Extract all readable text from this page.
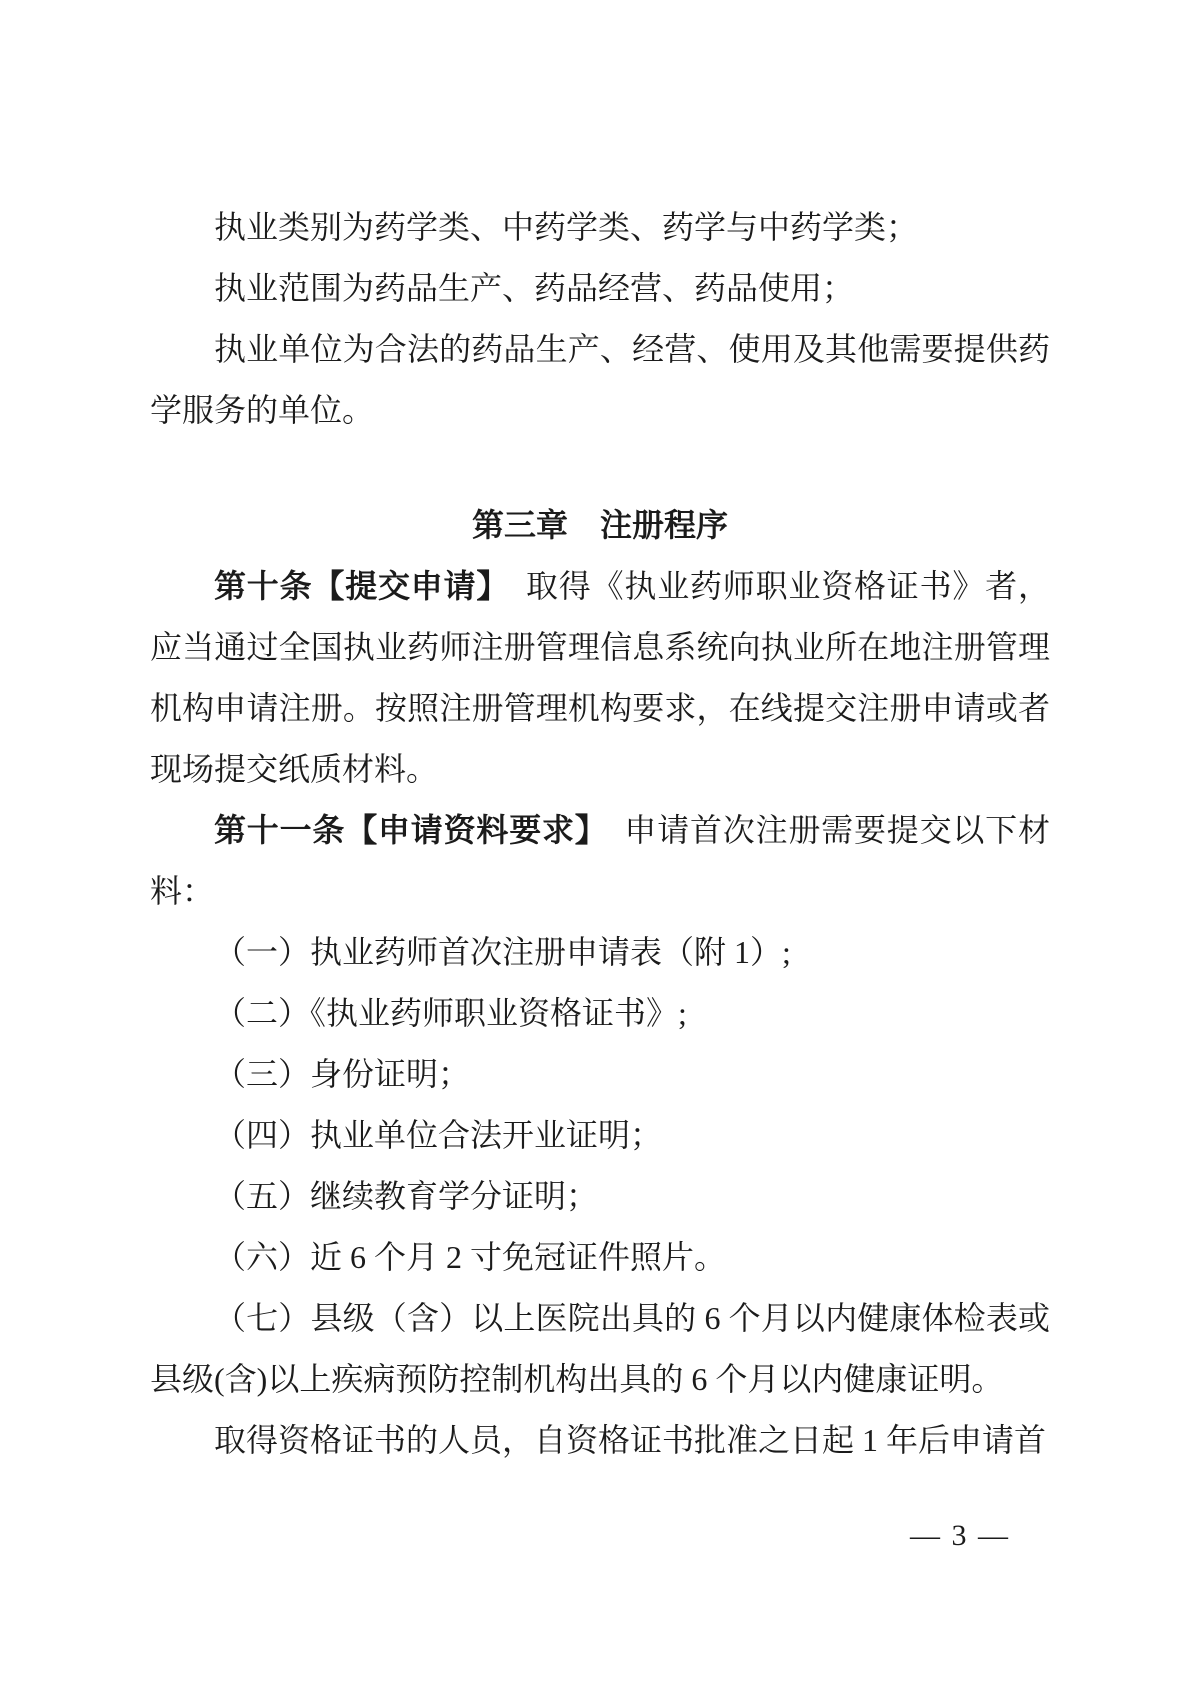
执业类别为药学类、中药学类、药学与中药学类；

执业范围为药品生产、药品经营、药品使用；

执业单位为合法的药品生产、经营、使用及其他需要提供药学服务的单位。

第三章　注册程序

第十条【提交申请】　取得《执业药师职业资格证书》者，应当通过全国执业药师注册管理信息系统向执业所在地注册管理机构申请注册。按照注册管理机构要求，在线提交注册申请或者现场提交纸质材料。

第十一条【申请资料要求】　申请首次注册需要提交以下材料：

（一）执业药师首次注册申请表（附 1）;

（二）《执业药师职业资格证书》;

（三）身份证明；

（四）执业单位合法开业证明；

（五）继续教育学分证明；

（六）近 6 个月 2 寸免冠证件照片。

（七）县级（含）以上医院出具的 6 个月以内健康体检表或县级(含)以上疾病预防控制机构出具的 6 个月以内健康证明。

取得资格证书的人员，自资格证书批准之日起 1 年后申请首

— 3 —
